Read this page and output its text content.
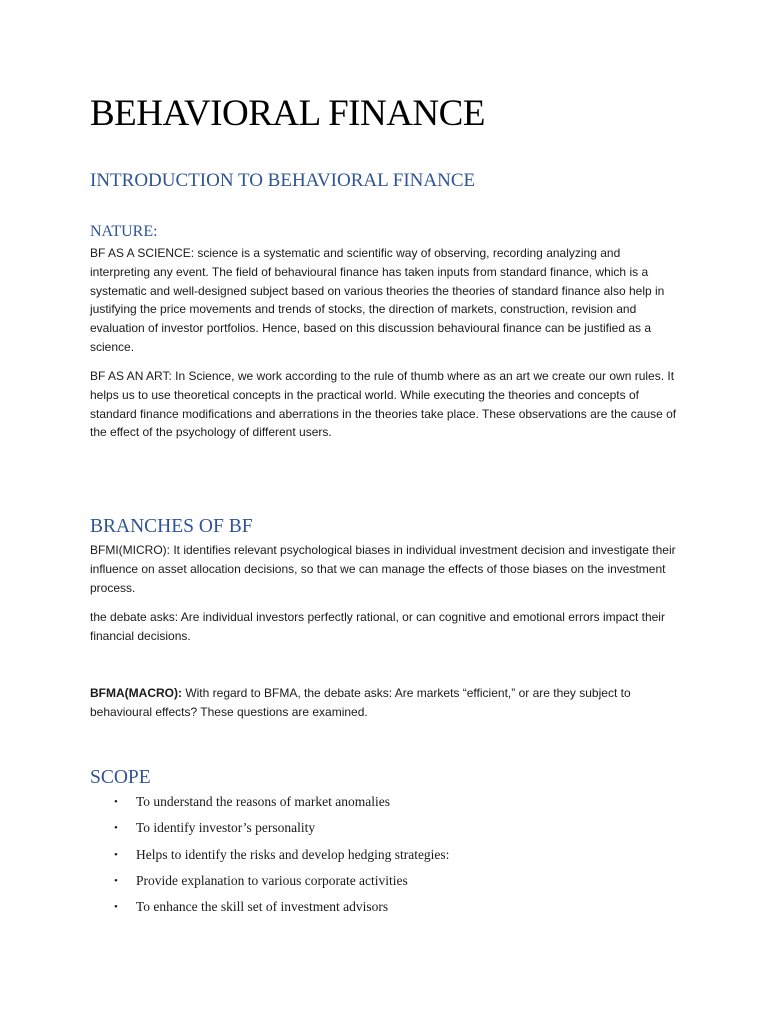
BEHAVIORAL FINANCE
INTRODUCTION TO BEHAVIORAL FINANCE
NATURE:

BF AS A SCIENCE: science is a systematic and scientific way of observing, recording analyzing and interpreting any event. The field of behavioural finance has taken inputs from standard finance, which is a systematic and well-designed subject based on various theories the theories of standard finance also help in justifying the price movements and trends of stocks, the direction of markets, construction, revision and evaluation of investor portfolios. Hence, based on this discussion behavioural finance can be justified as a science.

BF AS AN ART: In Science, we work according to the rule of thumb where as an art we create our own rules. It helps us to use theoretical concepts in the practical world. While executing the theories and concepts of standard finance modifications and aberrations in the theories take place. These observations are the cause of the effect of the psychology of different users.

BRANCHES OF BF

BFMI(MICRO): It identifies relevant psychological biases in individual investment decision and investigate their influence on asset allocation decisions, so that we can manage the effects of those biases on the investment process.

the debate asks: Are individual investors perfectly rational, or can cognitive and emotional errors impact their financial decisions.

BFMA(MACRO): With regard to BFMA, the debate asks: Are markets “efficient,” or are they subject to behavioural effects? These questions are examined.

SCOPE
• To understand the reasons of market anomalies
• To identify investor’s personality
• Helps to identify the risks and develop hedging strategies:
• Provide explanation to various corporate activities
• To enhance the skill set of investment advisors
